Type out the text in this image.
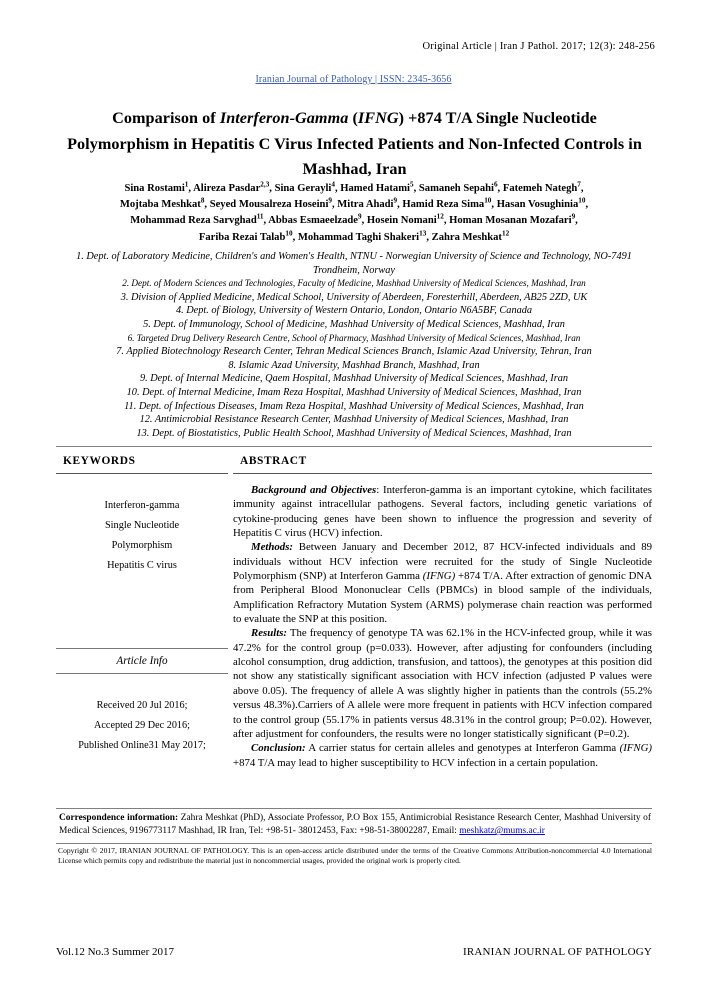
Original Article | Iran J Pathol. 2017; 12(3): 248-256
Iranian Journal of Pathology | ISSN: 2345-3656
Comparison of Interferon-Gamma (IFNG) +874 T/A Single Nucleotide Polymorphism in Hepatitis C Virus Infected Patients and Non-Infected Controls in Mashhad, Iran
Sina Rostami$^1$, Alireza Pasdar$^{2,3}$, Sina Gerayli$^4$, Hamed Hatami$^5$, Samaneh Sepahi$^6$, Fatemeh Nategh$^7$,
Mojtaba Meshkat$^8$, Seyed Mousalreza Hoseini$^9$, Mitra Ahadi$^9$, Hamid Reza Sima$^{10}$, Hasan Vosughinia$^{10}$,
Mohammad Reza Sarvghad$^{11}$, Abbas Esmaeelzade$^9$, Hosein Nomani$^{12}$, Homan Mosanan Mozafari$^9$,
Fariba Rezai Talab$^{10}$, Mohammad Taghi Shakeri$^{13}$, Zahra Meshkat$^{12}$
1. Dept. of Laboratory Medicine, Children's and Women's Health, NTNU - Norwegian University of Science and Technology, NO-7491 Trondheim, Norway
2. Dept. of Modern Sciences and Technologies, Faculty of Medicine, Mashhad University of Medical Sciences, Mashhad, Iran
3. Division of Applied Medicine, Medical School, University of Aberdeen, Foresterhill, Aberdeen, AB25 2ZD, UK
4. Dept. of Biology, University of Western Ontario, London, Ontario N6A5BF, Canada
5. Dept. of Immunology, School of Medicine, Mashhad University of Medical Sciences, Mashhad, Iran
6. Targeted Drug Delivery Research Centre, School of Pharmacy, Mashhad University of Medical Sciences, Mashhad, Iran
7. Applied Biotechnology Research Center, Tehran Medical Sciences Branch, Islamic Azad University, Tehran, Iran
8. Islamic Azad University, Mashhad Branch, Mashhad, Iran
9. Dept. of Internal Medicine, Qaem Hospital, Mashhad University of Medical Sciences, Mashhad, Iran
10. Dept. of Internal Medicine, Imam Reza Hospital, Mashhad University of Medical Sciences, Mashhad, Iran
11. Dept. of Infectious Diseases, Imam Reza Hospital, Mashhad University of Medical Sciences, Mashhad, Iran
12. Antimicrobial Resistance Research Center, Mashhad University of Medical Sciences, Mashhad, Iran
13. Dept. of Biostatistics, Public Health School, Mashhad University of Medical Sciences, Mashhad, Iran
KEYWORDS
Interferon-gamma
Single Nucleotide
Polymorphism
Hepatitis C virus
Article Info
Received 20 Jul 2016;
Accepted 29 Dec 2016;
Published Online31 May 2017;
ABSTRACT

Background and Objectives: Interferon-gamma is an important cytokine, which facilitates immunity against intracellular pathogens. Several factors, including genetic variations of cytokine-producing genes have been shown to influence the progression and severity of Hepatitis C virus (HCV) infection.

Methods: Between January and December 2012, 87 HCV-infected individuals and 89 individuals without HCV infection were recruited for the study of Single Nucleotide Polymorphism (SNP) at Interferon Gamma (IFNG) +874 T/A. After extraction of genomic DNA from Peripheral Blood Mononuclear Cells (PBMCs) in blood sample of the individuals, Amplification Refractory Mutation System (ARMS) polymerase chain reaction was performed to evaluate the SNP at this position.

Results: The frequency of genotype TA was 62.1% in the HCV-infected group, while it was 47.2% for the control group (p=0.033). However, after adjusting for confounders (including alcohol consumption, drug addiction, transfusion, and tattoos), the genotypes at this position did not show any statistically significant association with HCV infection (adjusted P values were above 0.05). The frequency of allele A was slightly higher in patients than the controls (55.2% versus 48.3%).Carriers of A allele were more frequent in patients with HCV infection compared to the control group (55.17% in patients versus 48.31% in the control group; P=0.02). However, after adjustment for confounders, the results were no longer statistically significant (P=0.2).

Conclusion: A carrier status for certain alleles and genotypes at Interferon Gamma (IFNG) +874 T/A may lead to higher susceptibility to HCV infection in a certain population.

Correspondence information: Zahra Meshkat (PhD), Associate Professor, P.O Box 155, Antimicrobial Resistance Research Center, Mashhad University of Medical Sciences, 9196773117 Mashhad, IR Iran, Tel: +98-51- 38012453, Fax: +98-51-38002287, Email: meshkatz@mums.ac.ir
Copyright © 2017, IRANIAN JOURNAL OF PATHOLOGY. This is an open-access article distributed under the terms of the Creative Commons Attribution-noncommercial 4.0 International License which permits copy and redistribute the material just in noncommercial usages, provided the original work is properly cited.
Vol.12 No.3 Summer 2017	IRANIAN JOURNAL OF PATHOLOGY
